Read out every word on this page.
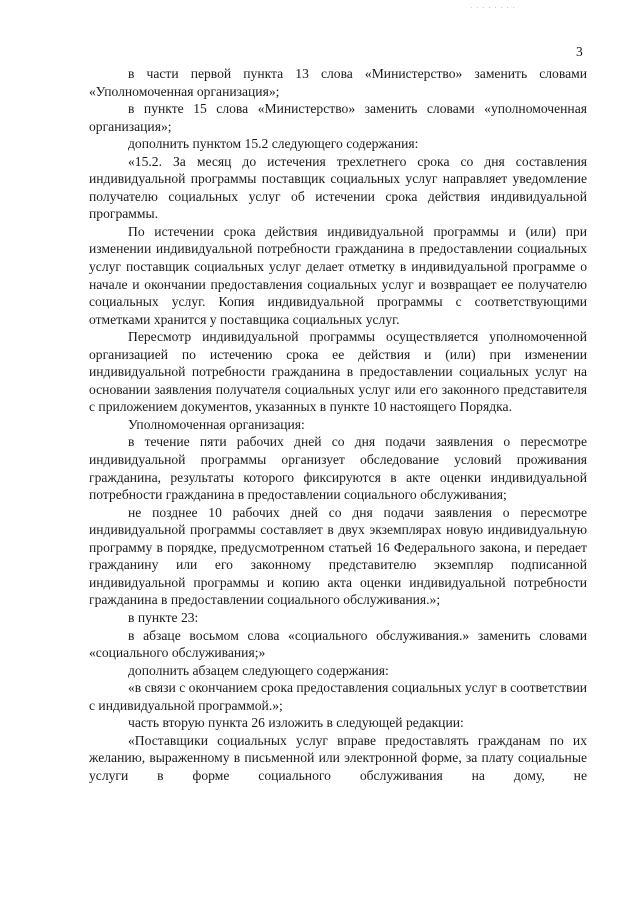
· · · · · · · ·
3

в части первой пункта 13 слова «Министерство» заменить словами «Уполномоченная организация»;

в пункте 15 слова «Министерство» заменить словами «уполномоченная организация»;

дополнить пунктом 15.2 следующего содержания:

«15.2. За месяц до истечения трехлетнего срока со дня составления индивидуальной программы поставщик социальных услуг направляет уведомление получателю социальных услуг об истечении срока действия индивидуальной программы.

По истечении срока действия индивидуальной программы и (или) при изменении индивидуальной потребности гражданина в предоставлении социальных услуг поставщик социальных услуг делает отметку в индивидуальной программе о начале и окончании предоставления социальных услуг и возвращает ее получателю социальных услуг. Копия индивидуальной программы с соответствующими отметками хранится у поставщика социальных услуг.

Пересмотр индивидуальной программы осуществляется уполномоченной организацией по истечению срока ее действия и (или) при изменении индивидуальной потребности гражданина в предоставлении социальных услуг на основании заявления получателя социальных услуг или его законного представителя с приложением документов, указанных в пункте 10 настоящего Порядка.

Уполномоченная организация:

в течение пяти рабочих дней со дня подачи заявления о пересмотре индивидуальной программы организует обследование условий проживания гражданина, результаты которого фиксируются в акте оценки индивидуальной потребности гражданина в предоставлении социального обслуживания;

не позднее 10 рабочих дней со дня подачи заявления о пересмотре индивидуальной программы составляет в двух экземплярах новую индивидуальную программу в порядке, предусмотренном статьей 16 Федерального закона, и передает гражданину или его законному представителю экземпляр подписанной индивидуальной программы и копию акта оценки индивидуальной потребности гражданина в предоставлении социального обслуживания.»;

в пункте 23:

в абзаце восьмом слова «социального обслуживания.» заменить словами «социального обслуживания;»

дополнить абзацем следующего содержания:

«в связи с окончанием срока предоставления социальных услуг в соответствии с индивидуальной программой.»;

часть вторую пункта 26 изложить в следующей редакции:

«Поставщики социальных услуг вправе предоставлять гражданам по их желанию, выраженному в письменной или электронной форме, за плату социальные услуги в форме социального обслуживания на дому, не
